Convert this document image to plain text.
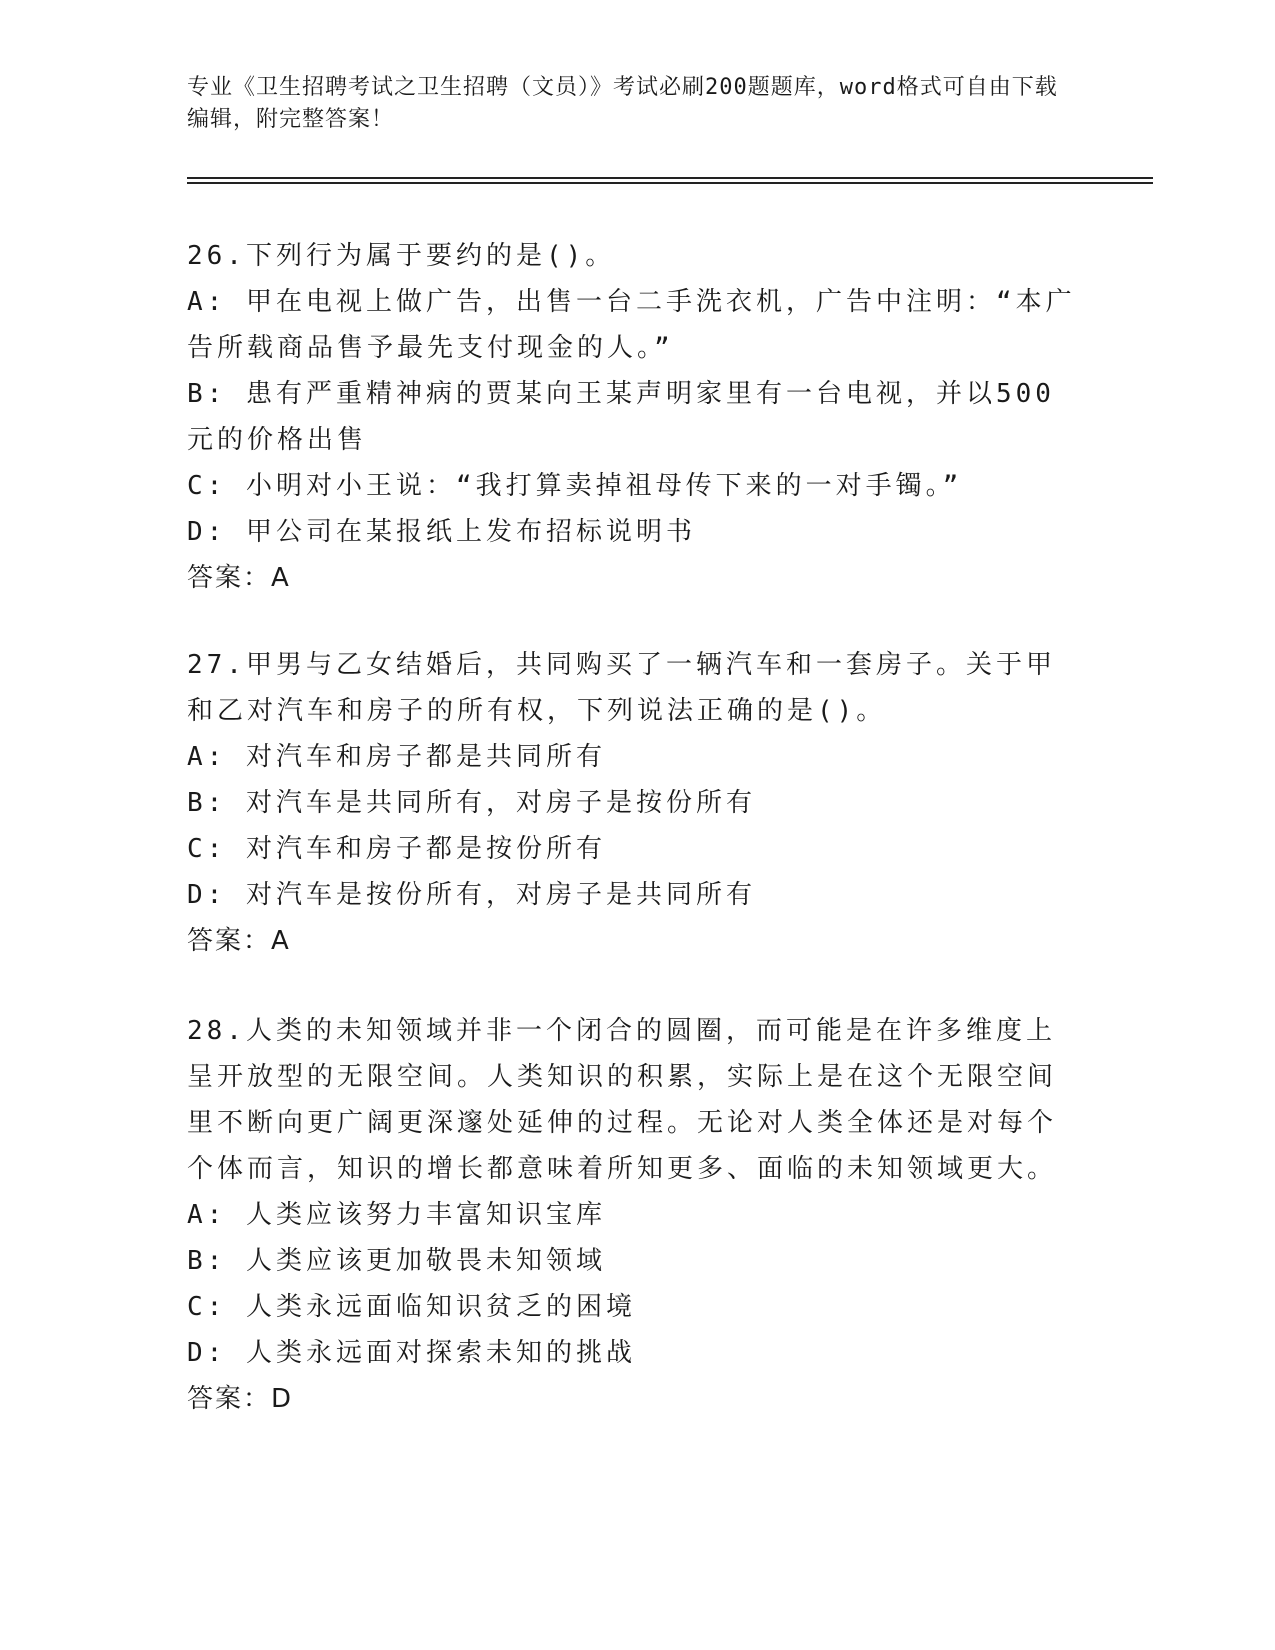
专业《卫生招聘考试之卫生招聘（文员）》考试必刷200题题库，word格式可自由下载编辑，附完整答案！
26.下列行为属于要约的是()。
A: 甲在电视上做广告，出售一台二手洗衣机，广告中注明：“本广告所载商品售予最先支付现金的人。”
B: 患有严重精神病的贾某向王某声明家里有一台电视，并以500元的价格出售
C: 小明对小王说：“我打算卖掉祖母传下来的一对手镯。”
D: 甲公司在某报纸上发布招标说明书
答案：A
27.甲男与乙女结婚后，共同购买了一辆汽车和一套房子。关于甲和乙对汽车和房子的所有权，下列说法正确的是()。
A: 对汽车和房子都是共同所有
B: 对汽车是共同所有，对房子是按份所有
C: 对汽车和房子都是按份所有
D: 对汽车是按份所有，对房子是共同所有
答案：A
28.人类的未知领域并非一个闭合的圆圈，而可能是在许多维度上呈开放型的无限空间。人类知识的积累，实际上是在这个无限空间里不断向更广阔更深邃处延伸的过程。无论对人类全体还是对每个个体而言，知识的增长都意味着所知更多、面临的未知领域更大。
A: 人类应该努力丰富知识宝库
B: 人类应该更加敬畏未知领域
C: 人类永远面临知识贫乏的困境
D: 人类永远面对探索未知的挑战
答案：D
